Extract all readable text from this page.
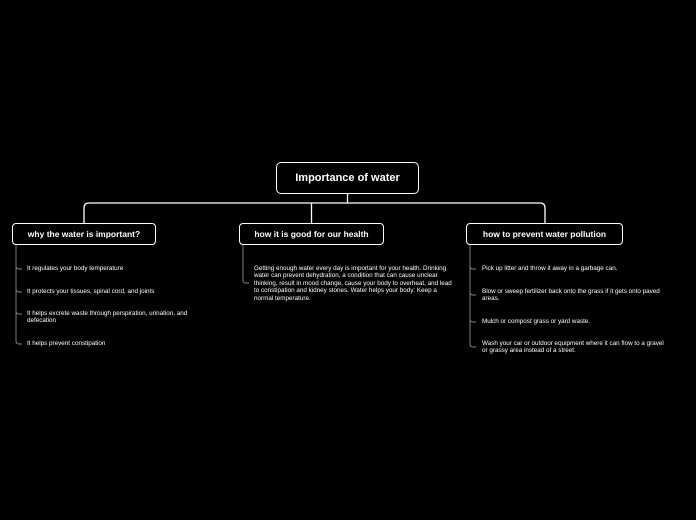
Importance of water
why the water is important?	how it is good for our health	how to prevent water pollution
It regulates your body temperature
It protects your tissues, spinal cord, and joints
It helps excrete waste through perspiration, urination, and defecation
It helps prevent constipation
Getting enough water every day is important for your health. Drinking water can prevent dehydration, a condition that can cause unclear thinking, result in mood change, cause your body to overheat, and lead to constipation and kidney stones. Water helps your body: Keep a normal temperature.
Pick up litter and throw it away in a garbage can.
Blow or sweep fertilizer back onto the grass if it gets onto paved areas.
Mulch or compost grass or yard waste.
Wash your car or outdoor equipment where it can flow to a gravel or grassy area instead of a street.
